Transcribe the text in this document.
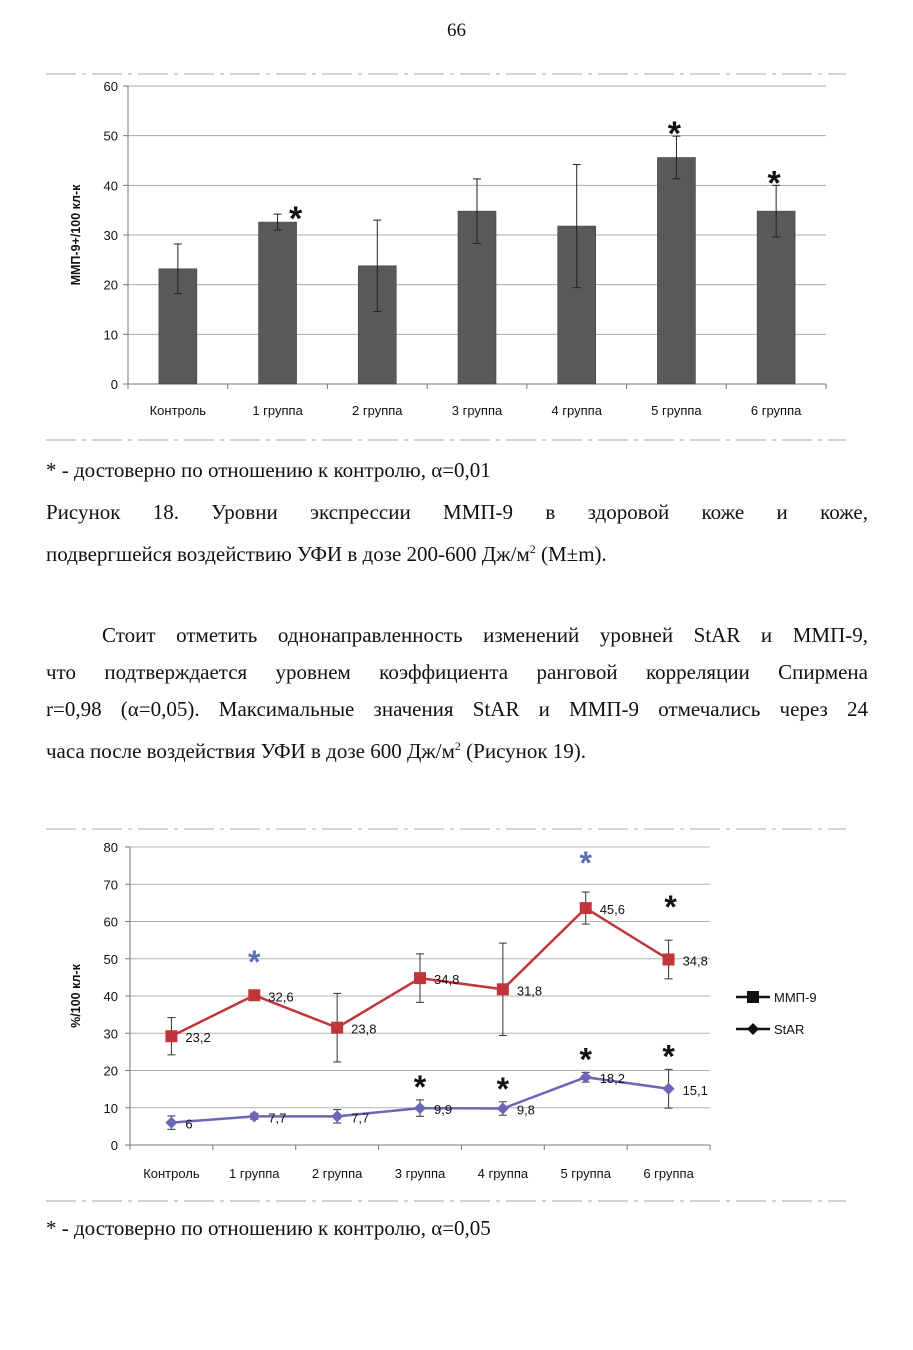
66
0
10
20
30
40
50
60
ММП-9+/100 кл-к
Контроль	1 группа
*
2 группа	3 группа	4 группа	5 группа
*
6 группа
*
* - достоверно по отношению к контролю, α=0,01
Рисунок 18. Уровни экспрессии ММП-9 в здоровой коже и коже,
подвергшейся воздействию УФИ в дозе 200-600 $Дж/м^2$ (M±m).
Стоит отметить однонаправленность изменений уровней StAR и ММП-9,
что подтверждается уровнем коэффициента ранговой корреляции Спирмена
r=0,98 (α=0,05). Максимальные значения StAR и ММП-9 отмечались через 24
часа после воздействия УФИ в дозе 600 $Дж/м^2$ (Рисунок 19).
0
10
20
30
40
50
60
70
80
Контроль 1 группа 2 группа 3 группа 4 группа 5 группа 6 группа
%/100 кл-к
23,2
32,6
*
23,8
34,8
31,8
45,6
*
34,8
*
6	7,7	7,7
9,9
*
9,8
*	18,2
*
15,1
*
ММП-9
StAR
* - достоверно по отношению к контролю, α=0,05
